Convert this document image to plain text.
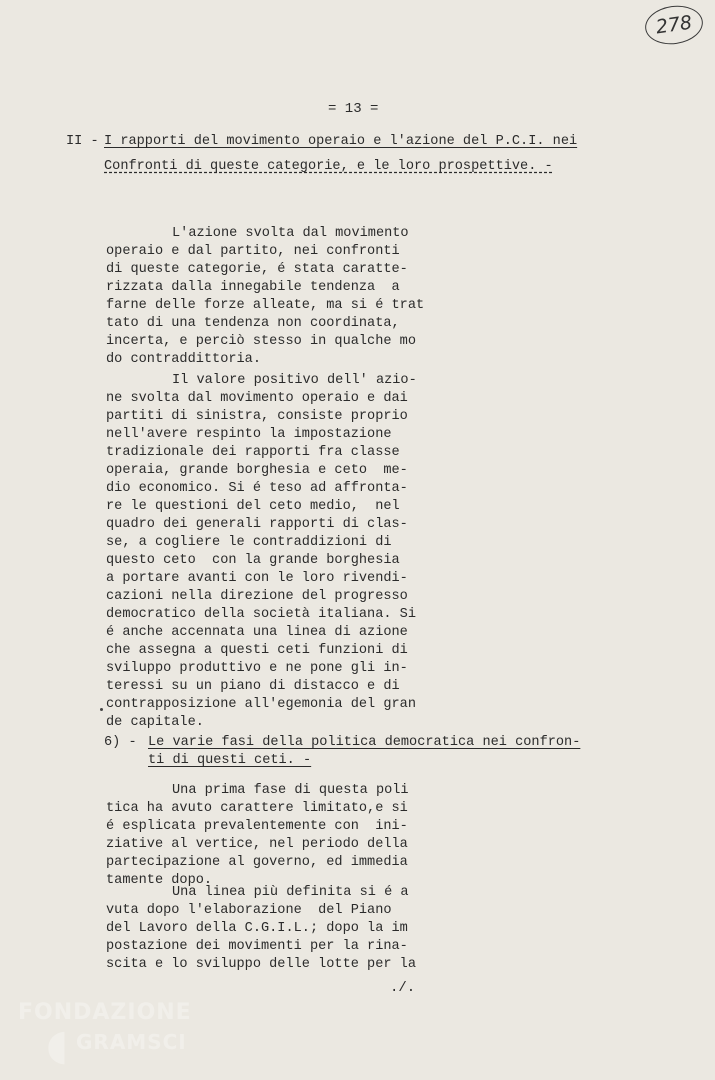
278
= 13 =
II -
I rapporti del movimento operaio e l'azione del P.C.I. nei
Confronti di queste categorie, e le loro prospettive. -
L'azione svolta dal movimento
operaio e dal partito, nei confronti
di queste categorie, é stata caratte-
rizzata dalla innegabile tendenza  a
farne delle forze alleate, ma si é trat
tato di una tendenza non coordinata,
incerta, e perciò stesso in qualche mo
do contraddittoria.
Il valore positivo dell' azio-
ne svolta dal movimento operaio e dai
partiti di sinistra, consiste proprio
nell'avere respinto la impostazione
tradizionale dei rapporti fra classe
operaia, grande borghesia e ceto  me-
dio economico. Si é teso ad affronta-
re le questioni del ceto medio,  nel
quadro dei generali rapporti di clas-
se, a cogliere le contraddizioni di
questo ceto  con la grande borghesia
a portare avanti con le loro rivendi-
cazioni nella direzione del progresso
democratico della società italiana. Si
é anche accennata una linea di azione
che assegna a questi ceti funzioni di
sviluppo produttivo e ne pone gli in-
teressi su un piano di distacco e di
contrapposizione all'egemonia del gran
de capitale.
6) - Le varie fasi della politica democratica nei confron-
ti di questi ceti. -
Una prima fase di questa poli
tica ha avuto carattere limitato,e si
é esplicata prevalentemente con  ini-
ziative al vertice, nel periodo della
partecipazione al governo, ed immedia
tamente dopo.
Una linea più definita si é a
vuta dopo l'elaborazione  del Piano
del Lavoro della C.G.I.L.; dopo la im
postazione dei movimenti per la rina-
scita e lo sviluppo delle lotte per la
./.
FONDAZIONE
◖ GRAMSCI
